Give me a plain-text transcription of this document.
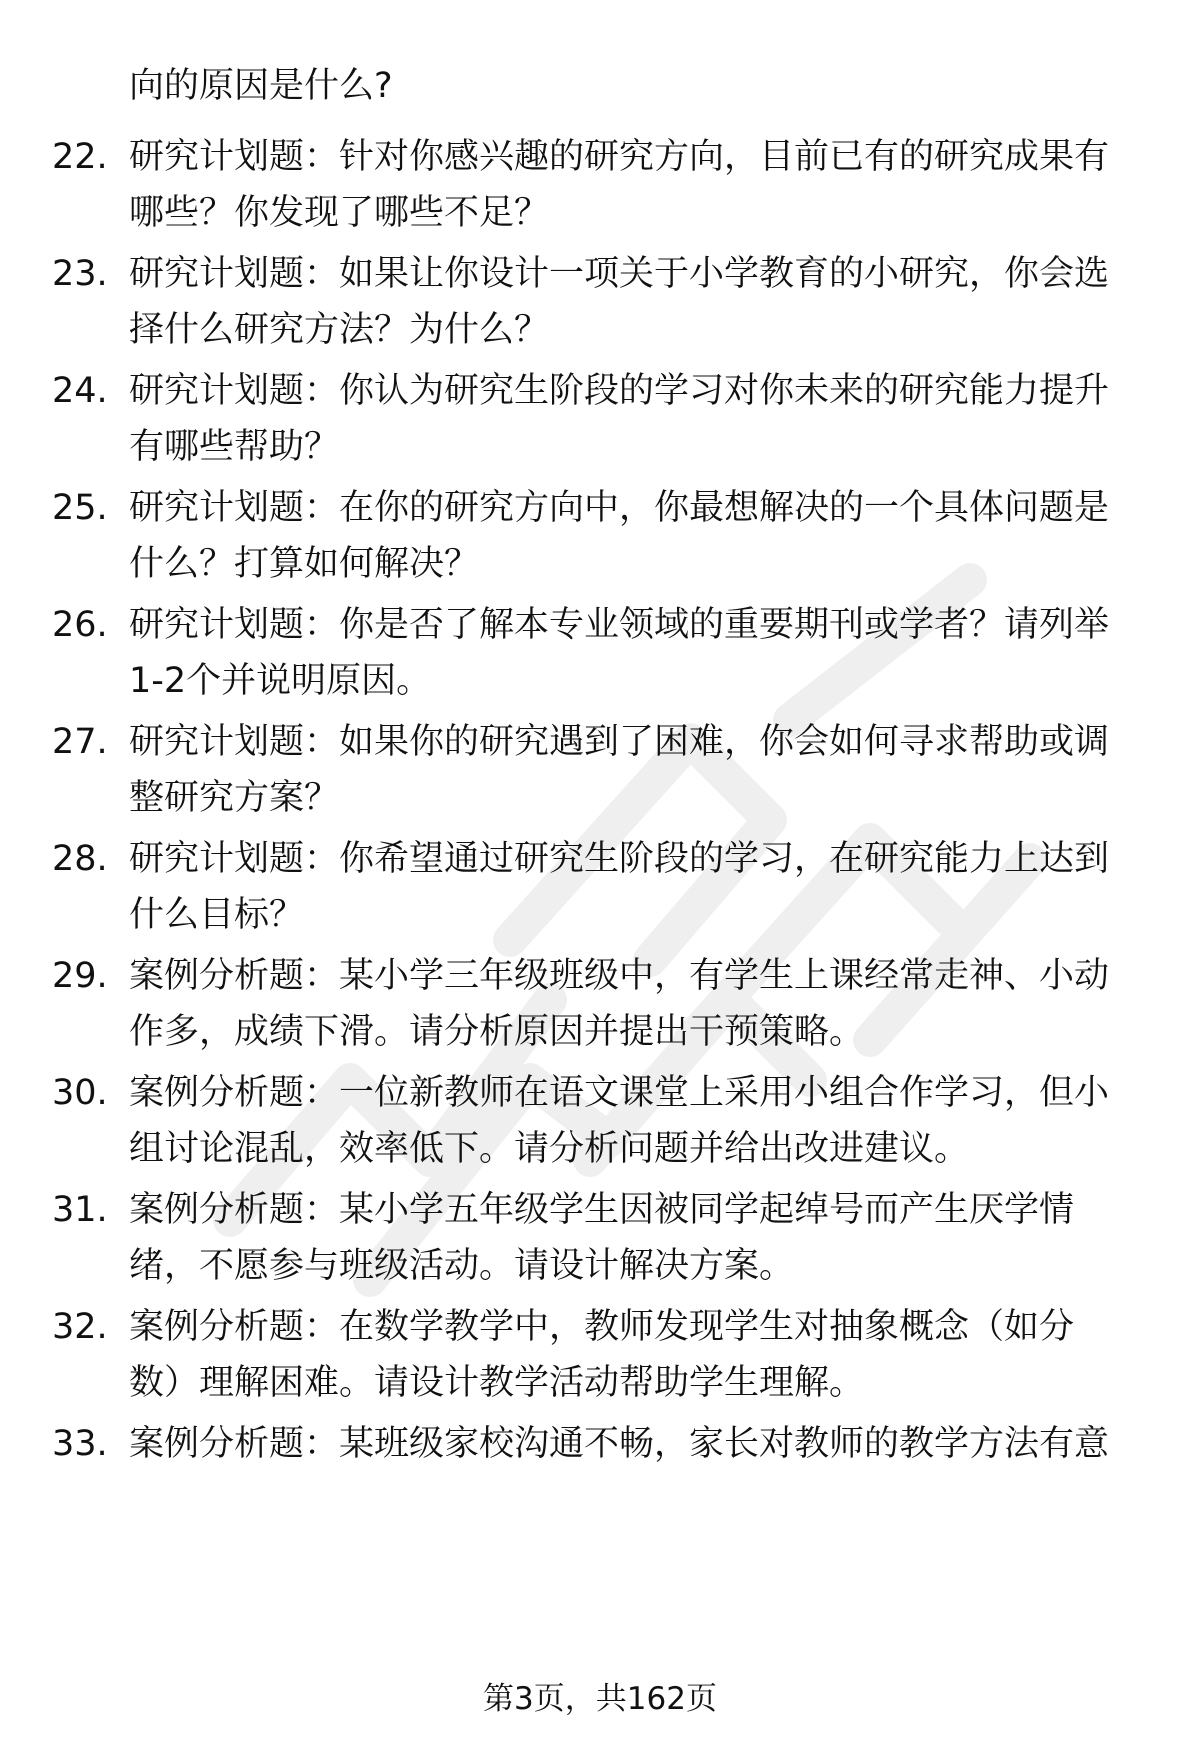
向的原因是什么?
22. 研究计划题：针对你感兴趣的研究方向，目前已有的研究成果有
哪些？你发现了哪些不足？
23. 研究计划题：如果让你设计一项关于小学教育的小研究，你会选
择什么研究方法？为什么？
24. 研究计划题：你认为研究生阶段的学习对你未来的研究能力提升
有哪些帮助？
25. 研究计划题：在你的研究方向中，你最想解决的一个具体问题是
什么？打算如何解决？
26. 研究计划题：你是否了解本专业领域的重要期刊或学者？请列举
1-2个并说明原因。
27. 研究计划题：如果你的研究遇到了困难，你会如何寻求帮助或调
整研究方案？
28. 研究计划题：你希望通过研究生阶段的学习，在研究能力上达到
什么目标？
29. 案例分析题：某小学三年级班级中，有学生上课经常走神、小动
作多，成绩下滑。请分析原因并提出干预策略。
30. 案例分析题：一位新教师在语文课堂上采用小组合作学习，但小
组讨论混乱，效率低下。请分析问题并给出改进建议。
31. 案例分析题：某小学五年级学生因被同学起绰号而产生厌学情
绪，不愿参与班级活动。请设计解决方案。
32. 案例分析题：在数学教学中，教师发现学生对抽象概念（如分
数）理解困难。请设计教学活动帮助学生理解。
33. 案例分析题：某班级家校沟通不畅，家长对教师的教学方法有意
第3页，共162页
